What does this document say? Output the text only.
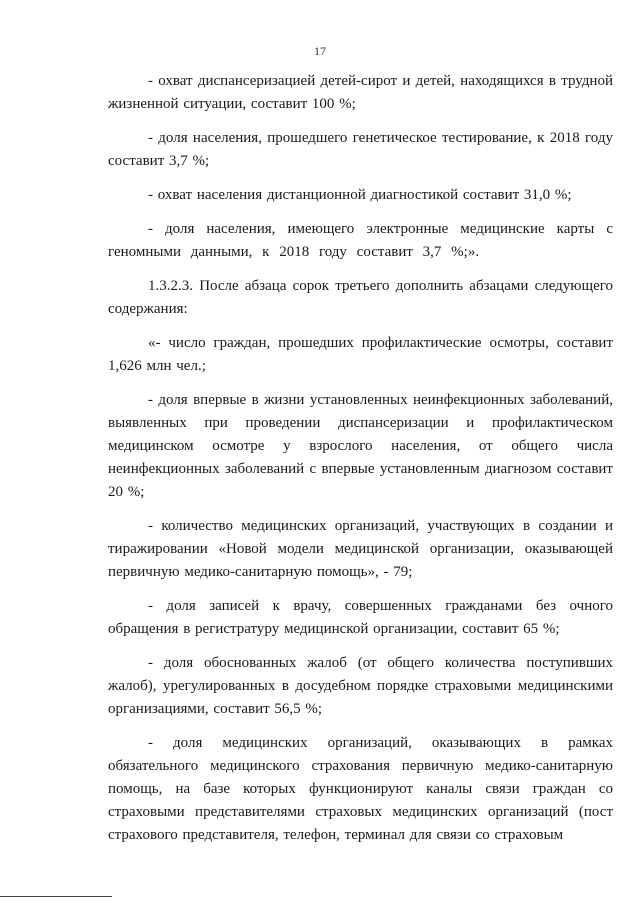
17

- охват диспансеризацией детей-сирот и детей, находящихся в трудной жизненной ситуации, составит 100 %;

- доля населения, прошедшего генетическое тестирование, к 2018 году составит 3,7 %;

- охват населения дистанционной диагностикой составит 31,0 %;

- доля населения, имеющего электронные медицинские карты с геномными данными, к 2018 году составит 3,7 %;».

1.3.2.3. После абзаца сорок третьего дополнить абзацами следующего содержания:

«- число граждан, прошедших профилактические осмотры, составит 1,626 млн чел.;

- доля впервые в жизни установленных неинфекционных заболеваний, выявленных при проведении диспансеризации и профилактическом медицинском осмотре у взрослого населения, от общего числа неинфекционных заболеваний с впервые установленным диагнозом составит 20 %;

- количество медицинских организаций, участвующих в создании и тиражировании «Новой модели медицинской организации, оказывающей первичную медико-санитарную помощь», - 79;

- доля записей к врачу, совершенных гражданами без очного обращения в регистратуру медицинской организации, составит 65 %;

- доля обоснованных жалоб (от общего количества поступивших жалоб), урегулированных в досудебном порядке страховыми медицинскими организациями, составит 56,5 %;

- доля медицинских организаций, оказывающих в рамках обязательного медицинского страхования первичную медико-санитарную помощь, на базе которых функционируют каналы связи граждан со страховыми представителями страховых медицинских организаций (пост страхового представителя, телефон, терминал для связи со страховым
